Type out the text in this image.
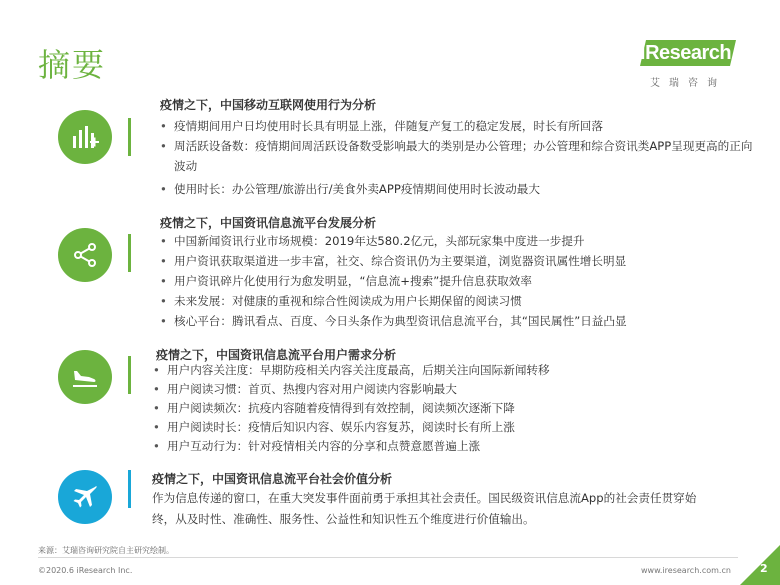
摘要	iResearch
艾瑞咨询
疫情之下，中国移动互联网使用行为分析
• 疫情期间用户日均使用时长具有明显上涨，伴随复产复工的稳定发展，时长有所回落
• 周活跃设备数：疫情期间周活跃设备数受影响最大的类别是办公管理；办公管理和综合资讯类APP呈现更高的正向波动
• 使用时长：办公管理/旅游出行/美食外卖APP疫情期间使用时长波动最大
疫情之下，中国资讯信息流平台发展分析
• 中国新闻资讯行业市场规模：2019年达580.2亿元，头部玩家集中度进一步提升
• 用户资讯获取渠道进一步丰富，社交、综合资讯仍为主要渠道，浏览器资讯属性增长明显
• 用户资讯碎片化使用行为愈发明显，“信息流+搜索”提升信息获取效率
• 未来发展：对健康的重视和综合性阅读成为用户长期保留的阅读习惯
• 核心平台：腾讯看点、百度、今日头条作为典型资讯信息流平台，其“国民属性”日益凸显
疫情之下，中国资讯信息流平台用户需求分析
• 用户内容关注度：早期防疫相关内容关注度最高，后期关注向国际新闻转移
• 用户阅读习惯：首页、热搜内容对用户阅读内容影响最大
• 用户阅读频次：抗疫内容随着疫情得到有效控制，阅读频次逐渐下降
• 用户阅读时长：疫情后知识内容、娱乐内容复苏，阅读时长有所上涨
• 用户互动行为：针对疫情相关内容的分享和点赞意愿普遍上涨
疫情之下，中国资讯信息流平台社会价值分析
作为信息传递的窗口，在重大突发事件面前勇于承担其社会责任。国民级资讯信息流App的社会责任贯穿始终，从及时性、准确性、服务性、公益性和知识性五个维度进行价值输出。
来源：艾瑞咨询研究院自主研究绘制。
©2020.6 iResearch Inc.	www.iresearch.com.cn	2
